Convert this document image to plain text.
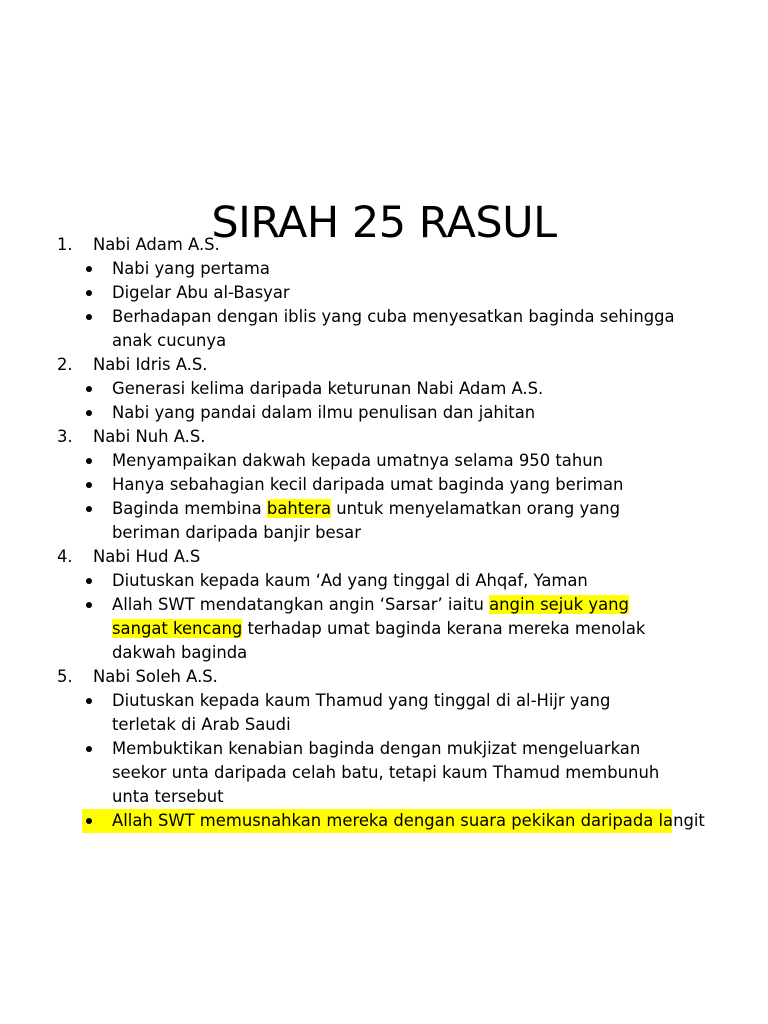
SIRAH 25 RASUL
1. Nabi Adam A.S.
Nabi yang pertama
Digelar Abu al-Basyar
Berhadapan dengan iblis yang cuba menyesatkan baginda sehingga anak cucunya
2. Nabi Idris A.S.
Generasi kelima daripada keturunan Nabi Adam A.S.
Nabi yang pandai dalam ilmu penulisan dan jahitan
3. Nabi Nuh A.S.
Menyampaikan dakwah kepada umatnya selama 950 tahun
Hanya sebahagian kecil daripada umat baginda yang beriman
Baginda membina bahtera untuk menyelamatkan orang yang beriman daripada banjir besar
4. Nabi Hud A.S
Diutuskan kepada kaum ‘Ad yang tinggal di Ahqaf, Yaman
Allah SWT mendatangkan angin ‘Sarsar’ iaitu angin sejuk yang sangat kencang terhadap umat baginda kerana mereka menolak dakwah baginda
5. Nabi Soleh A.S.
Diutuskan kepada kaum Thamud yang tinggal di al-Hijr yang terletak di Arab Saudi
Membuktikan kenabian baginda dengan mukjizat mengeluarkan seekor unta daripada celah batu, tetapi kaum Thamud membunuh unta tersebut
Allah SWT memusnahkan mereka dengan suara pekikan daripada langit
